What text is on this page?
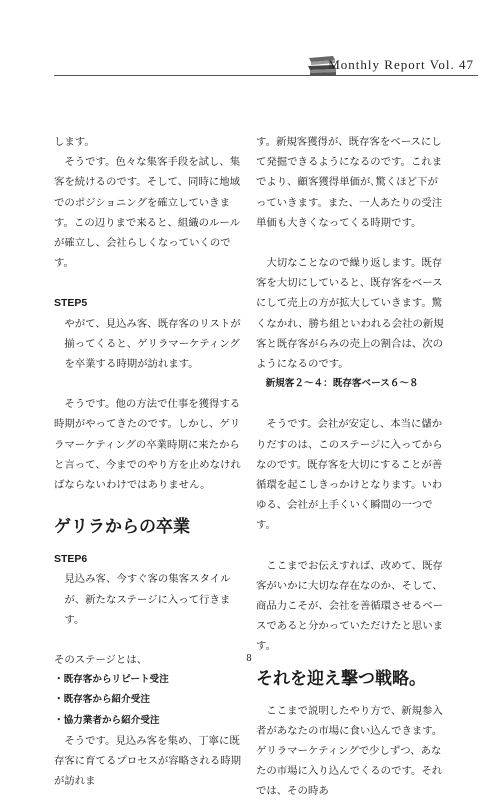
Monthly Report Vol. 47

します。

そうです。色々な集客手段を試し、集客を続けるのです。そして、同時に地域でのポジショニングを確立していきます。この辺りまで来ると、組織のルールが確立し、会社らしくなっていくのです。

STEP5

やがて、見込み客、既存客のリストが揃ってくると、ゲリラマーケティングを卒業する時期が訪れます。

そうです。他の方法で仕事を獲得する時期がやってきたのです。しかし、ゲリラマーケティングの卒業時期に来たからと言って、今までのやり方を止めなければならないわけではありません。

ゲリラからの卒業

STEP6

見込み客、今すぐ客の集客スタイルが、新たなステージに入って行きます。

そのステージとは、

・既存客からリピート受注

・既存客から紹介受注

・協力業者から紹介受注

そうです。見込み客を集め、丁寧に既存客に育てるプロセスが容略される時期が訪れま

す。新規客獲得が、既存客をベースにして発掘できるようになるのです。これまでより、顧客獲得単価が､驚くほど下がっていきます。また、一人あたりの受注単価も大きくなってくる時期です。

大切なことなので繰り返します。既存客を大切にしていると、既存客をベースにして売上の方が拡大していきます。驚くなかれ、勝ち組といわれる会社の新規客と既存客がらみの売上の割合は、次のようになるのです。

新規客２～４：既存客ベース６～８

そうです。会社が安定し、本当に儲かりだすのは、このステージに入ってからなのです。既存客を大切にすることが善循環を起こしきっかけとなります。いわゆる、会社が上手くいく瞬間の一つです。

ここまでお伝えすれば、改めて、既存客がいかに大切な存在なのか、そして、商品力こそが、会社を善循環させるベースであると分かっていただけたと思います。

それを迎え撃つ戦略。

ここまで説明したやり方で、新規参入者があなたの市場に食い込んできます。ゲリラマーケティングで少しずつ、あなたの市場に入り込んでくるのです。それでは、その時あ

8
